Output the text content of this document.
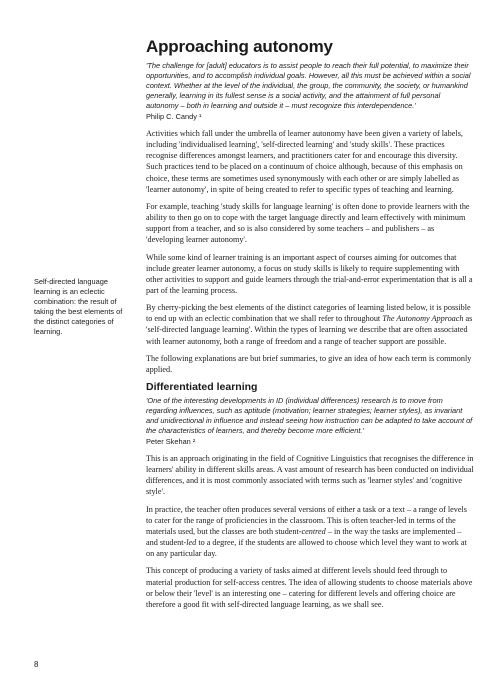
Self-directed language learning is an eclectic combination: the result of taking the best elements of the distinct categories of learning.

Approaching autonomy

'The challenge for [adult] educators is to assist people to reach their full potential, to maximize their opportunities, and to accomplish individual goals. However, all this must be achieved within a social context. Whether at the level of the individual, the group, the community, the society, or humankind generally, learning in its fullest sense is a social activity, and the attainment of full personal autonomy – both in learning and outside it – must recognize this interdependence.'

Philip C. Candy ¹

Activities which fall under the umbrella of learner autonomy have been given a variety of labels, including 'individualised learning', 'self-directed learning' and 'study skills'. These practices recognise differences amongst learners, and practitioners cater for and encourage this diversity. Such practices tend to be placed on a continuum of choice although, because of this emphasis on choice, these terms are sometimes used synonymously with each other or are simply labelled as 'learner autonomy', in spite of being created to refer to specific types of teaching and learning.

For example, teaching 'study skills for language learning' is often done to provide learners with the ability to then go on to cope with the target language directly and learn effectively with minimum support from a teacher, and so is also considered by some teachers – and publishers – as 'developing learner autonomy'.

While some kind of learner training is an important aspect of courses aiming for outcomes that include greater learner autonomy, a focus on study skills is likely to require supplementing with other activities to support and guide learners through the trial-and-error experimentation that is all a part of the learning process.

By cherry-picking the best elements of the distinct categories of learning listed below, it is possible to end up with an eclectic combination that we shall refer to throughout The Autonomy Approach as 'self-directed language learning'. Within the types of learning we describe that are often associated with learner autonomy, both a range of freedom and a range of teacher support are possible.

The following explanations are but brief summaries, to give an idea of how each term is commonly applied.

Differentiated learning

'One of the interesting developments in ID (individual differences) research is to move from regarding influences, such as aptitude (motivation; learner strategies; learner styles), as invariant and unidirectional in influence and instead seeing how instruction can be adapted to take account of the characteristics of learners, and thereby become more efficient.'

Peter Skehan ²

This is an approach originating in the field of Cognitive Linguistics that recognises the difference in learners' ability in different skills areas. A vast amount of research has been conducted on individual differences, and it is most commonly associated with terms such as 'learner styles' and 'cognitive style'.

In practice, the teacher often produces several versions of either a task or a text – a range of levels to cater for the range of proficiencies in the classroom. This is often teacher-led in terms of the materials used, but the classes are both student-centred – in the way the tasks are implemented – and student-led to a degree, if the students are allowed to choose which level they want to work at on any particular day.

This concept of producing a variety of tasks aimed at different levels should feed through to material production for self-access centres. The idea of allowing students to choose materials above or below their 'level' is an interesting one – catering for different levels and offering choice are therefore a good fit with self-directed language learning, as we shall see.

8
